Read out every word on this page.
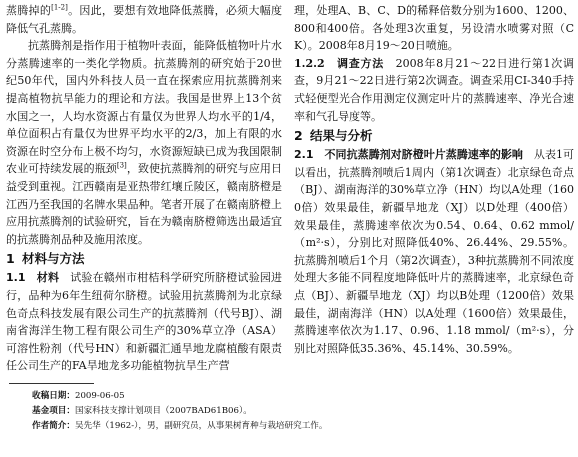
蒸腾掉的[1-2]。因此，要想有效地降低蒸腾，必须大幅度降低气孔蒸腾。

抗蒸腾剂是指作用于植物叶表面，能降低植物叶片水分蒸腾速率的一类化学物质。抗蒸腾剂的研究始于20世纪50年代，国内外科技人员一直在探索应用抗蒸腾剂来提高植物抗旱能力的理论和方法。我国是世界上13个贫水国之一，人均水资源占有量仅为世界人均水平的1/4，单位面积占有量仅为世界平均水平的2/3，加上有限的水资源在时空分布上极不均匀，水资源短缺已成为我国限制农业可持续发展的瓶颈[3]，致使抗蒸腾剂的研究与应用日益受到重视。江西赣南是亚热带红壤丘陵区，赣南脐橙是江西乃至我国的名牌水果品种。笔者开展了在赣南脐橙上应用抗蒸腾剂的试验研究，旨在为赣南脐橙筛选出最适宜的抗蒸腾剂品种及施用浓度。

1 材料与方法

1.1　材料　试验在赣州市柑桔科学研究所脐橙试验园进行，品种为6年生纽荷尔脐橙。试验用抗蒸腾剂为北京绿色奇点科技发展有限公司生产的抗蒸腾剂（代号BJ）、湖南省海洋生物工程有限公司生产的30%草立净（ASA）可溶性粉剂（代号HN）和新疆汇通旱地龙腐植酸有限责任公司生产的FA旱地龙多功能植物抗旱生产营

理，处理A、B、C、D的稀释倍数分别为1600、1200、800和400倍。各处理3次重复，另设清水喷雾对照（CK）。2008年8月19～20日喷施。

1.2.2　调查方法　2008年8月21～22日进行第1次调查，9月21～22日进行第2次调查。调查采用CI-340手持式轻便型光合作用测定仪测定叶片的蒸腾速率、净光合速率和气孔导度等。

2 结果与分析

2.1　不同抗蒸腾剂对脐橙叶片蒸腾速率的影响　从表1可以看出，抗蒸腾剂喷后1周内（第1次调查）北京绿色奇点（BJ）、湖南海洋的30%草立净（HN）均以A处理（1600倍）效果最佳，新疆旱地龙（XJ）以D处理（400倍）效果最佳，蒸腾速率依次为0.54、0.64、0.62 mmol/（m²·s），分别比对照降低40%、26.44%、29.55%。抗蒸腾剂喷后1个月（第2次调查），3种抗蒸腾剂不同浓度处理大多能不同程度地降低叶片的蒸腾速率，北京绿色奇点（BJ）、新疆旱地龙（XJ）均以B处理（1200倍）效果最佳，湖南海洋（HN）以A处理（1600倍）效果最佳，蒸腾速率依次为1.17、0.96、1.18 mmol/（m²·s），分别比对照降低35.36%、45.14%、30.59%。

收稿日期：2009-06-05
基金项目：国家科技支撑计划项目（2007BAD61B06）。
作者简介：吴先华（1962-），男，副研究员，从事果树育种与栽培研究工作。
